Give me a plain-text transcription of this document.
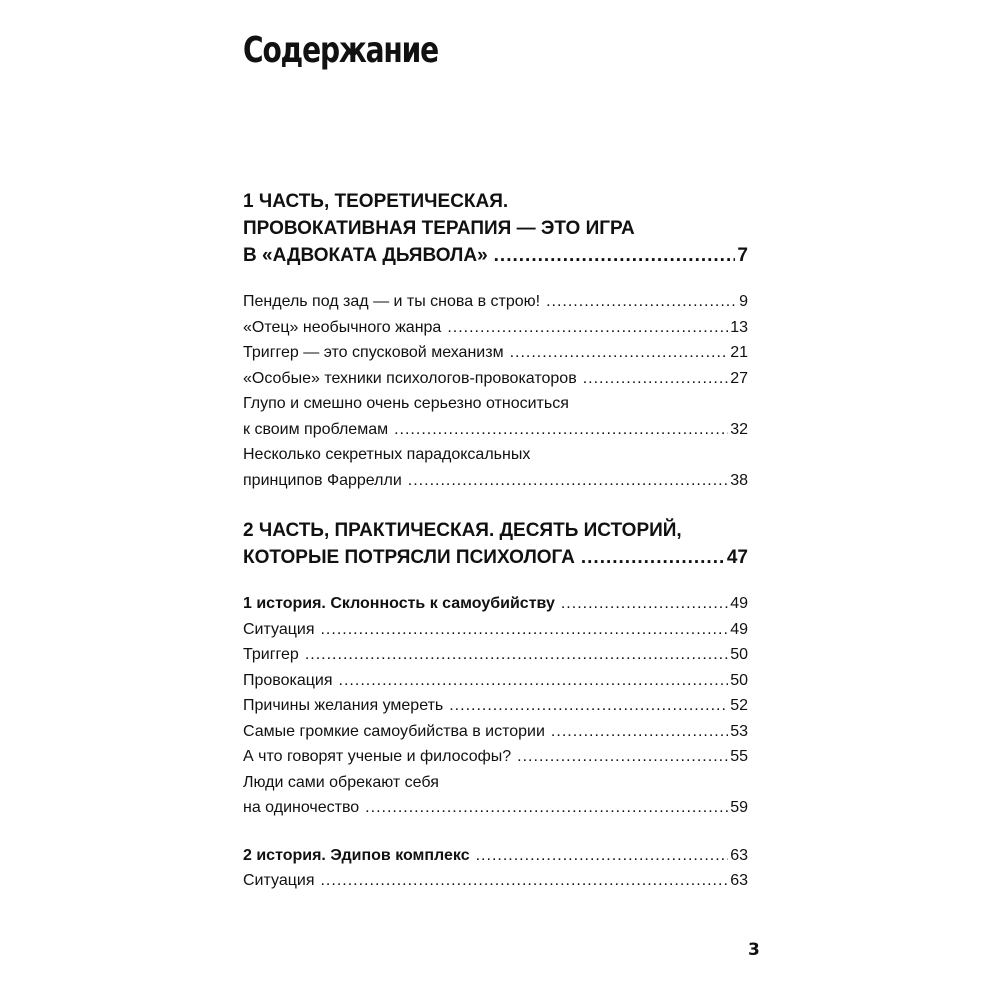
Содержание
1 ЧАСТЬ, ТЕОРЕТИЧЕСКАЯ.
ПРОВОКАТИВНАЯ ТЕРАПИЯ — ЭТО ИГРА
В «АДВОКАТА ДЬЯВОЛА» .....	7
Пендель под зад — и ты снова в строю! .....	9
«Отец» необычного жанра .....	13
Триггер — это спусковой механизм .....	21
«Особые» техники психологов-провокаторов .....	27
Глупо и смешно очень серьезно относиться
к своим проблемам .....	32
Несколько секретных парадоксальных
принципов Фаррелли .....	38
2 ЧАСТЬ, ПРАКТИЧЕСКАЯ. ДЕСЯТЬ ИСТОРИЙ,
КОТОРЫЕ ПОТРЯСЛИ ПСИХОЛОГА .....	47
1 история. Склонность к самоубийству .....	49
Ситуация .....	49
Триггер .....	50
Провокация .....	50
Причины желания умереть .....	52
Самые громкие самоубийства в истории .....	53
А что говорят ученые и философы? .....	55
Люди сами обрекают себя
на одиночество .....	59
2 история. Эдипов комплекс .....	63
Ситуация .....	63
3
